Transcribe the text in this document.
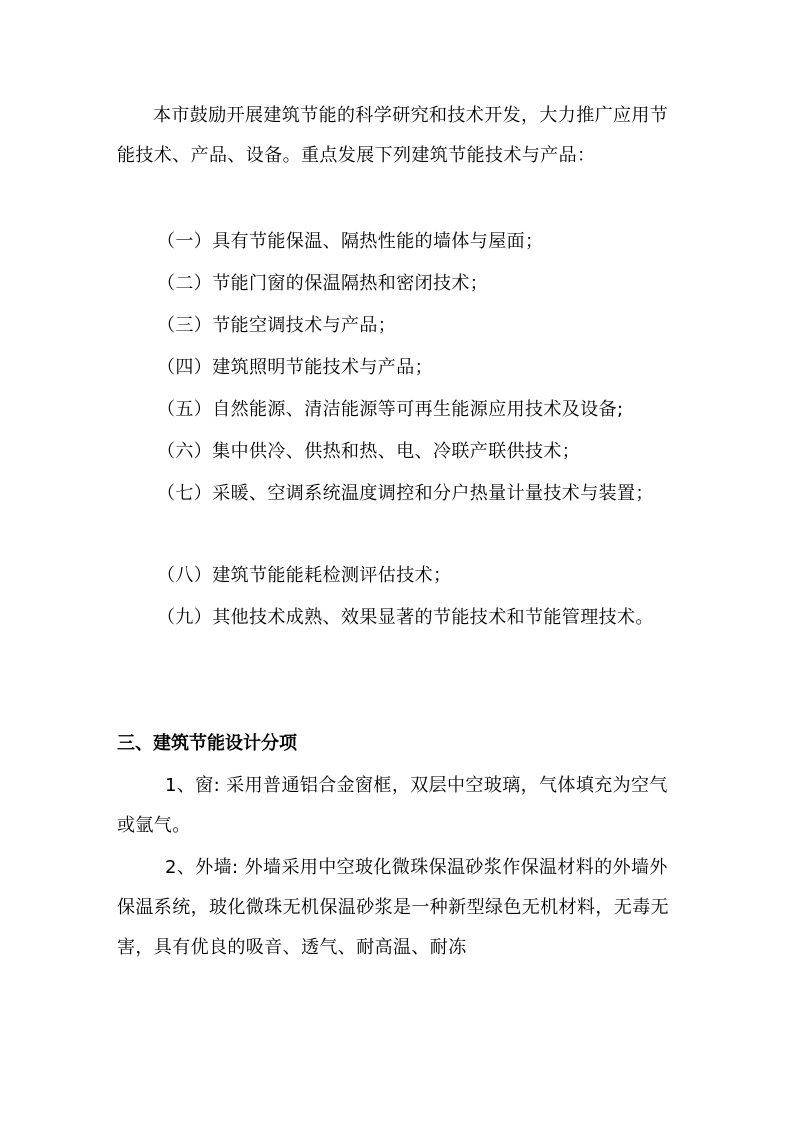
本市鼓励开展建筑节能的科学研究和技术开发，大力推广应用节能技术、产品、设备。重点发展下列建筑节能技术与产品：

（一）具有节能保温、隔热性能的墙体与屋面；

（二）节能门窗的保温隔热和密闭技术；

（三）节能空调技术与产品；

（四）建筑照明节能技术与产品；

（五）自然能源、清洁能源等可再生能源应用技术及设备;

（六）集中供冷、供热和热、电、冷联产联供技术；

（七）采暖、空调系统温度调控和分户热量计量技术与装置；

（八）建筑节能能耗检测评估技术；

（九）其他技术成熟、效果显著的节能技术和节能管理技术。

三、建筑节能设计分项

1、窗: 采用普通铝合金窗框，双层中空玻璃，气体填充为空气或氩气。

2、外墙: 外墙采用中空玻化微珠保温砂浆作保温材料的外墙外保温系统，玻化微珠无机保温砂浆是一种新型绿色无机材料，无毒无害，具有优良的吸音、透气、耐高温、耐冻
